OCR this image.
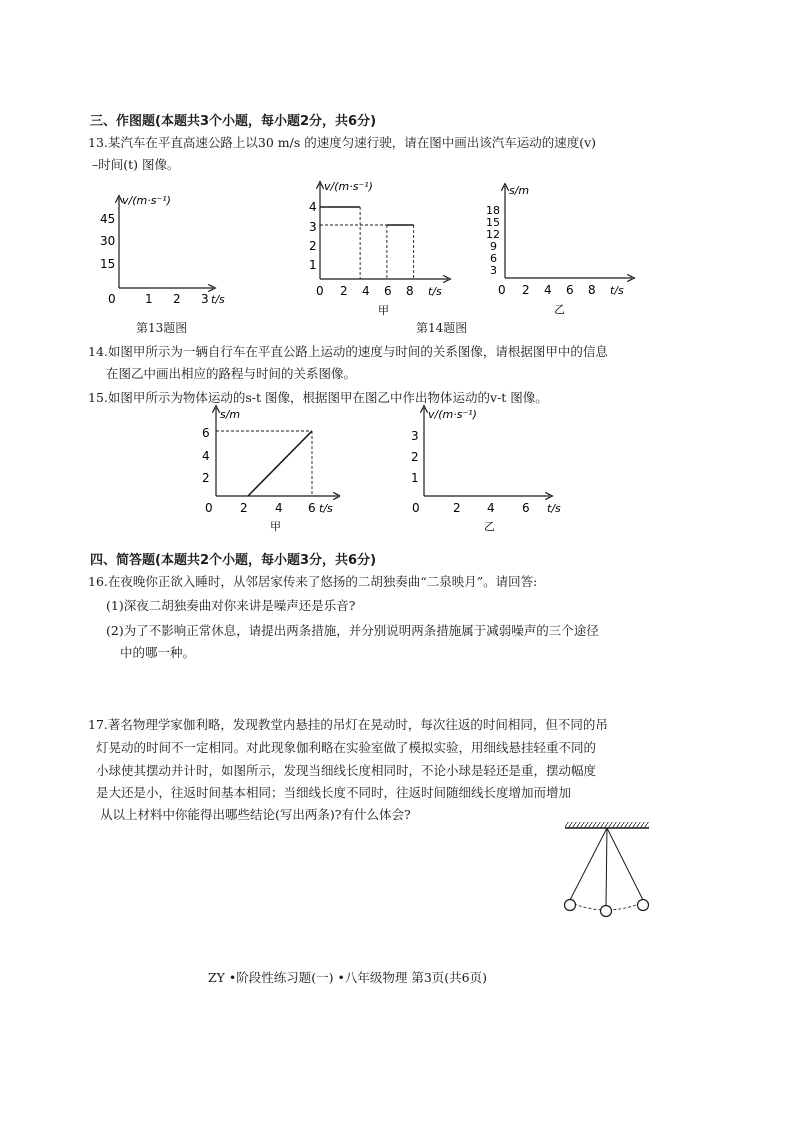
三、作图题(本题共3个小题，每小题2分，共6分)
13.某汽车在平直高速公路上以30 m/s 的速度匀速行驶，请在图中画出该汽车运动的速度(v)
–时间(t) 图像。
v/(m·s⁻¹)
45
30
15
0 1 2 3 t/s
第13题图
v/(m·s⁻¹)
4
3
2
1
0 2 4 6 8 t/s
甲
s/m
18
15
12
9
6
3
0 2 4 6 8 t/s
乙
第14题图
14.如图甲所示为一辆自行车在平直公路上运动的速度与时间的关系图像，请根据图甲中的信息
在图乙中画出相应的路程与时间的关系图像。
15.如图甲所示为物体运动的s-t 图像，根据图甲在图乙中作出物体运动的v-t 图像。
s/m
6
4
2
0 2 4 6 t/s
甲
v/(m·s⁻¹)
3
2
1
0	2 4 6 t/s
乙
四、简答题(本题共2个小题，每小题3分，共6分)
16.在夜晚你正欲入睡时，从邻居家传来了悠扬的二胡独奏曲“二泉映月”。请回答:
(1)深夜二胡独奏曲对你来讲是噪声还是乐音?
(2)为了不影响正常休息，请提出两条措施，并分别说明两条措施属于减弱噪声的三个途径
中的哪一种。
17.著名物理学家伽利略，发现教堂内悬挂的吊灯在晃动时，每次往返的时间相同，但不同的吊
灯晃动的时间不一定相同。对此现象伽利略在实验室做了模拟实验，用细线悬挂轻重不同的
小球使其摆动并计时，如图所示，发现当细线长度相同时，不论小球是轻还是重，摆动幅度
是大还是小，往返时间基本相同；当细线长度不同时，往返时间随细线长度增加而增加
从以上材料中你能得出哪些结论(写出两条)?有什么体会?
ZY •阶段性练习题(一) •八年级物理 第3页(共6页)
